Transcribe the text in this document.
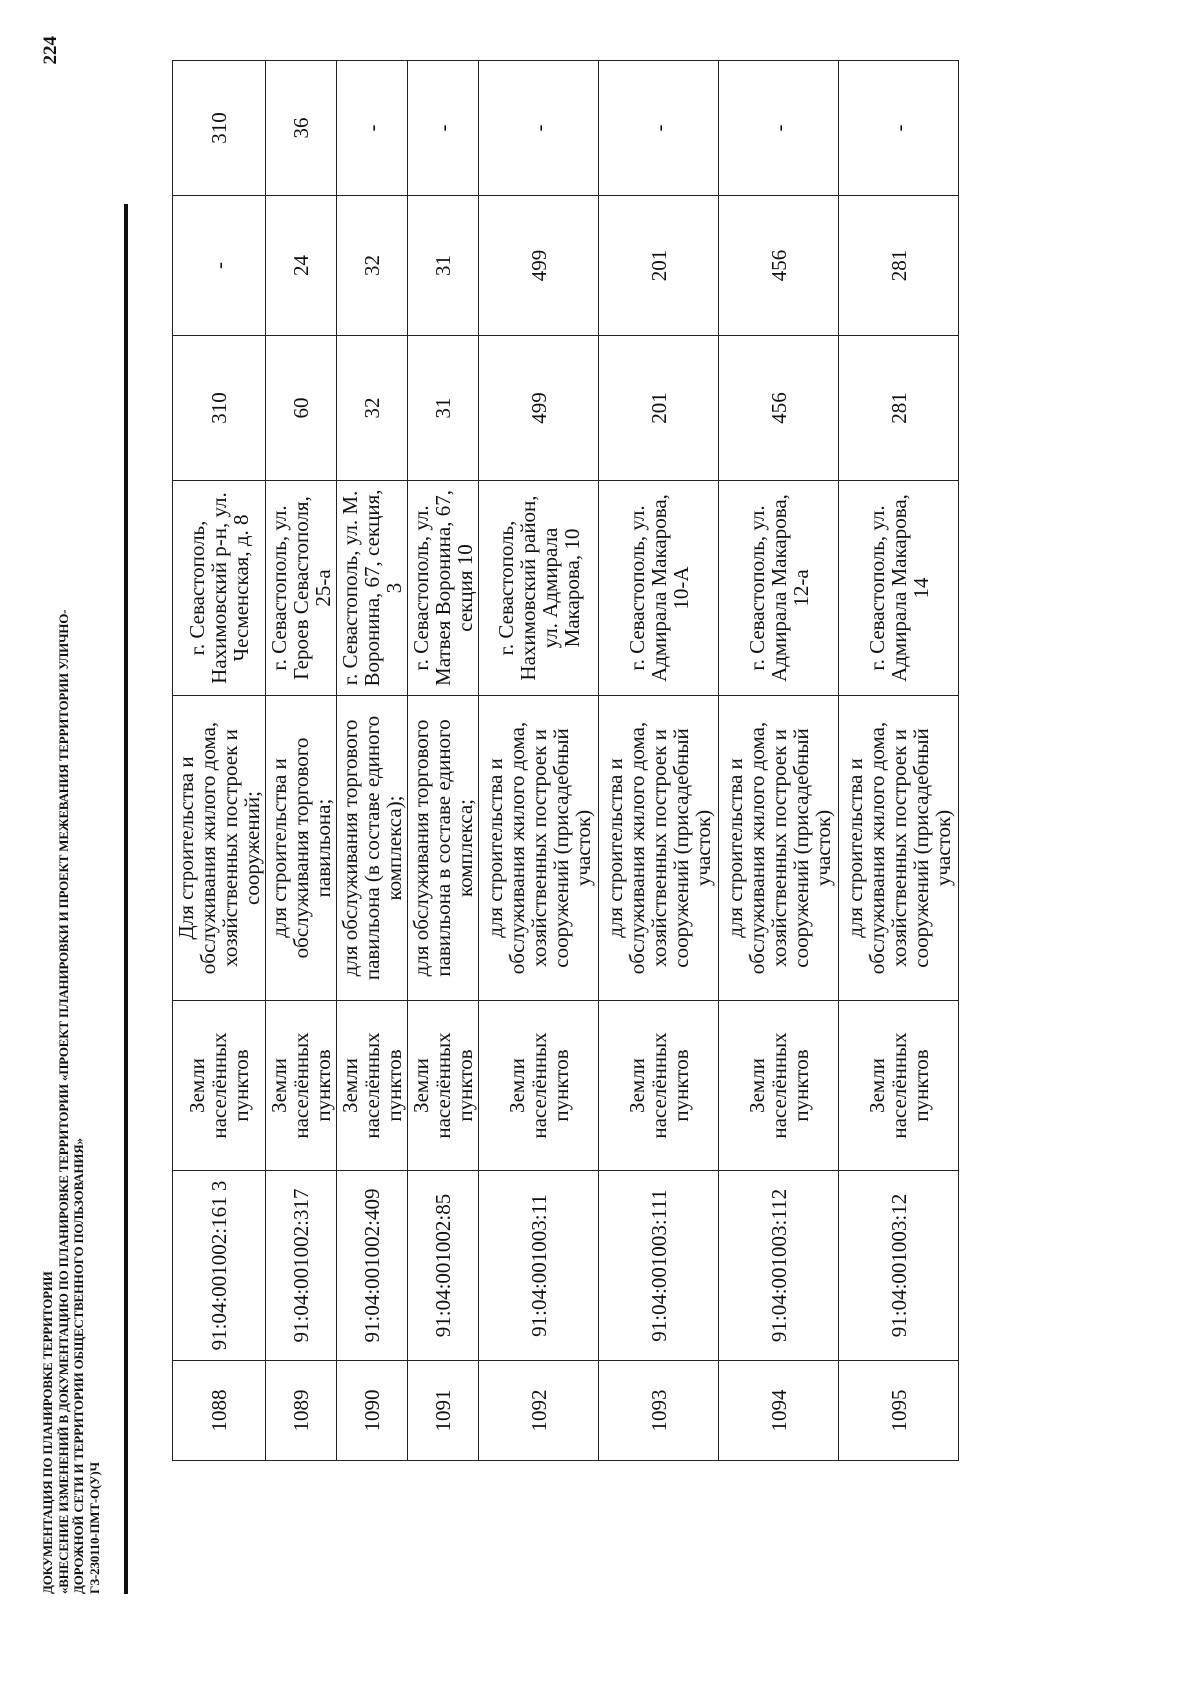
224
ДОКУМЕНТАЦИЯ ПО ПЛАНИРОВКЕ ТЕРРИТОРИИ «ВНЕСЕНИЕ ИЗМЕНЕНИЙ В ДОКУМЕНТАЦИЮ ПО ПЛАНИРОВКЕ ТЕРРИТОРИИ «ПРОЕКТ ПЛАНИРОВКИ И ПРОЕКТ МЕЖЕВАНИЯ ТЕРРИТОРИИ УЛИЧНО- ДОРОЖНОЙ СЕТИ И ТЕРРИТОРИИ ОБЩЕСТВЕННОГО ПОЛЬЗОВАНИЯ» ГЗ-230110-ПМТ-О(У)Ч
1088	91:04:001002:161 3	Земли населённых пунктов	Для строительства и обслуживания жилого дома, хозяйственных построек и сооружений;	г. Севастополь, Нахимовский р-н, ул. Чесменская, д. 8	310	-	310
1089	91:04:001002:317	Земли населённых пунктов	для строительства и обслуживания торгового павильона;	г. Севастополь, ул. Героев Севастополя, 25-а	60	24	36
1090	91:04:001002:409	Земли населённых пунктов	для обслуживания торгового павильона (в составе единого комплекса);	г. Севастополь, ул. М. Воронина, 67, секция, 3	32	32	-
1091	91:04:001002:85	Земли населённых пунктов	для обслуживания торгового павильона в составе единого комплекса;	г. Севастополь, ул. Матвея Воронина, 67, секция 10	31	31	-
1092	91:04:001003:11	Земли населённых пунктов	для строительства и обслуживания жилого дома, хозяйственных построек и сооружений (присадебный участок)	г. Севастополь, Нахимовский район, ул. Адмирала Макарова, 10	499	499	-
1093	91:04:001003:111	Земли населённых пунктов	для строительства и обслуживания жилого дома, хозяйственных построек и сооружений (присадебный участок)	г. Севастополь, ул. Адмирала Макарова, 10-А	201	201	-
1094	91:04:001003:112	Земли населённых пунктов	для строительства и обслуживания жилого дома, хозяйственных построек и сооружений (присадебный участок)	г. Севастополь, ул. Адмирала Макарова, 12-а	456	456	-
1095	91:04:001003:12	Земли населённых пунктов	для строительства и обслуживания жилого дома, хозяйственных построек и сооружений (присадебный участок)	г. Севастополь, ул. Адмирала Макарова, 14	281	281	-
